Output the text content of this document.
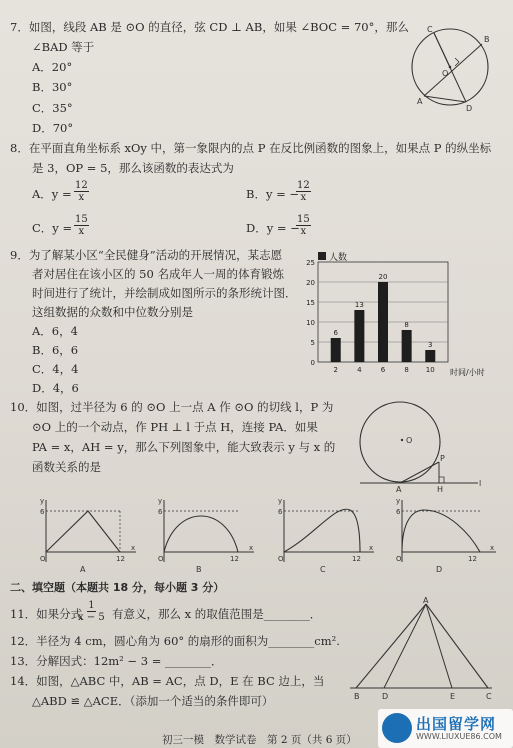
7．如图，线段 AB 是 ⊙O 的直径，弦 CD ⊥ AB，如果 ∠BOC = 70°，那么
∠BAD 等于
A．20°
B．30°
C．35°
D．70°
C
B
O
A
D
8．在平面直角坐标系 xOy 中，第一象限内的点 P 在反比例函数的图象上，如果点 P 的纵坐标
是 3，OP = 5，那么该函数的表达式为
A．$y = \frac{12}{x}$	B．y = −
$\frac{12}{x}$
C．$y = \frac{15}{x}$	D．y = −
$\frac{15}{x}$
9．为了解某小区“全民健身”活动的开展情况，某志愿
者对居住在该小区的 50 名成年人一周的体育锻炼
时间进行了统计，并绘制成如图所示的条形统计图．
这组数据的众数和中位数分别是
A．6，4
B．6，6
C．4，4
D．4，6
0
5
10
15
20
25
6
2
13
4
20
6
8
8
3
10
人数
时间/小时
10．如图，过半径为 6 的 ⊙O 上一点 A 作 ⊙O 的切线 l，P 为
⊙O 上的一个动点，作 PH ⊥ l 于点 H，连接 PA．如果
PA = x，AH = y，那么下列图象中，能大致表示 y 与 x 的
函数关系的是
O
A
P
H
l
y
x
O
6
12
A
y
x
O
6
12
B
y
x
O
6
12
C
y
x
O
6
12
D
二、填空题（本题共 18 分，每小题 3 分）
11．如果分式
$\frac{1}{x - 5}$ 有意义，那么 x 的取值范围是________．
12．半径为 4 cm，圆心角为 60° 的扇形的面积为________cm².
13．分解因式：12m² − 3 = ________．
14．如图，△ABC 中，AB = AC，点 D，E 在 BC 边上，当
△ABD ≌ △ACE．（添加一个适当的条件即可）
A
B	D	E	C
初三一模　数学试卷　第 2 页（共 6 页）
出国留学网
WWW.LIUXUE86.COM
